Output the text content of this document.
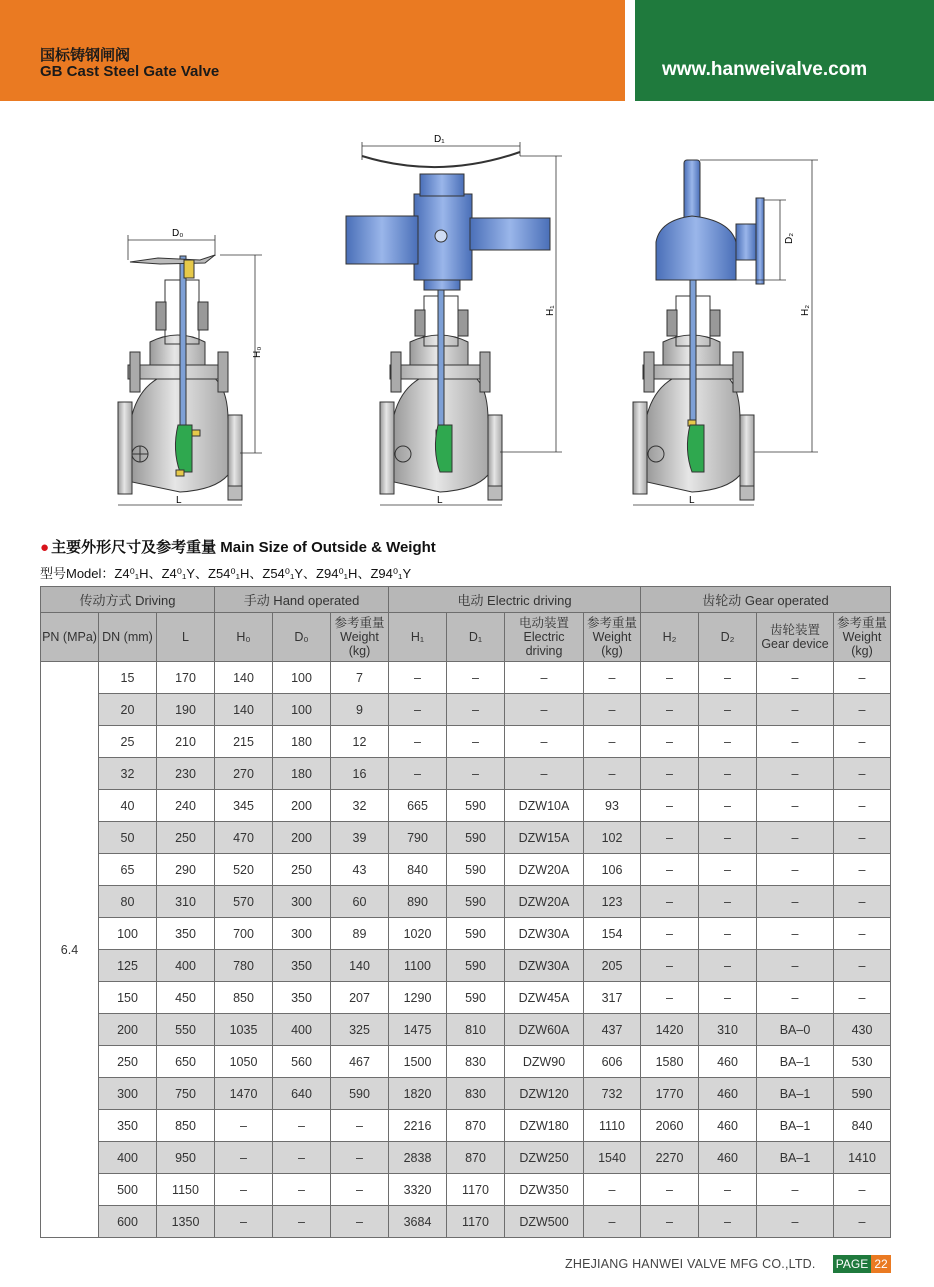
国标铸钢闸阀
GB Cast Steel Gate Valve	www.hanweivalve.com
D₀
H₀
L
D₁
H₁
L
D₂
H₂
L
● 主要外形尺寸及参考重量 Main Size of Outside & Weight
型号Model：Z4⁰₁H、Z4⁰₁Y、Z54⁰₁H、Z54⁰₁Y、Z94⁰₁H、Z94⁰₁Y
传动方式 Driving			手动 Hand operated			电动 Electric driving				齿轮动 Gear operated			
PN (MPa)	DN (mm)	L	H₀	D₀	参考重量 Weight (kg)	H₁	D₁	电动装置 Electric driving	参考重量 Weight (kg)	H₂	D₂	齿轮装置 Gear device	参考重量 Weight (kg)
6.4	15	170	140	100	7	–	–	–	–	–	–	–	–
	20	190	140	100	9	–	–	–	–	–	–	–	–
	25	210	215	180	12	–	–	–	–	–	–	–	–
	32	230	270	180	16	–	–	–	–	–	–	–	–
	40	240	345	200	32	665	590	DZW10A	93	–	–	–	–
	50	250	470	200	39	790	590	DZW15A	102	–	–	–	–
	65	290	520	250	43	840	590	DZW20A	106	–	–	–	–
	80	310	570	300	60	890	590	DZW20A	123	–	–	–	–
	100	350	700	300	89	1020	590	DZW30A	154	–	–	–	–
	125	400	780	350	140	1100	590	DZW30A	205	–	–	–	–
	150	450	850	350	207	1290	590	DZW45A	317	–	–	–	–
	200	550	1035	400	325	1475	810	DZW60A	437	1420	310	BA–0	430
	250	650	1050	560	467	1500	830	DZW90	606	1580	460	BA–1	530
	300	750	1470	640	590	1820	830	DZW120	732	1770	460	BA–1	590
	350	850	–	–	–	2216	870	DZW180	1110	2060	460	BA–1	840
	400	950	–	–	–	2838	870	DZW250	1540	2270	460	BA–1	1410
	500	1150	–	–	–	3320	1170	DZW350	–	–	–	–	–
	600	1350	–	–	–	3684	1170	DZW500	–	–	–	–	–
ZHEJIANG HANWEI VALVE MFG CO.,LTD. PAGE 22
